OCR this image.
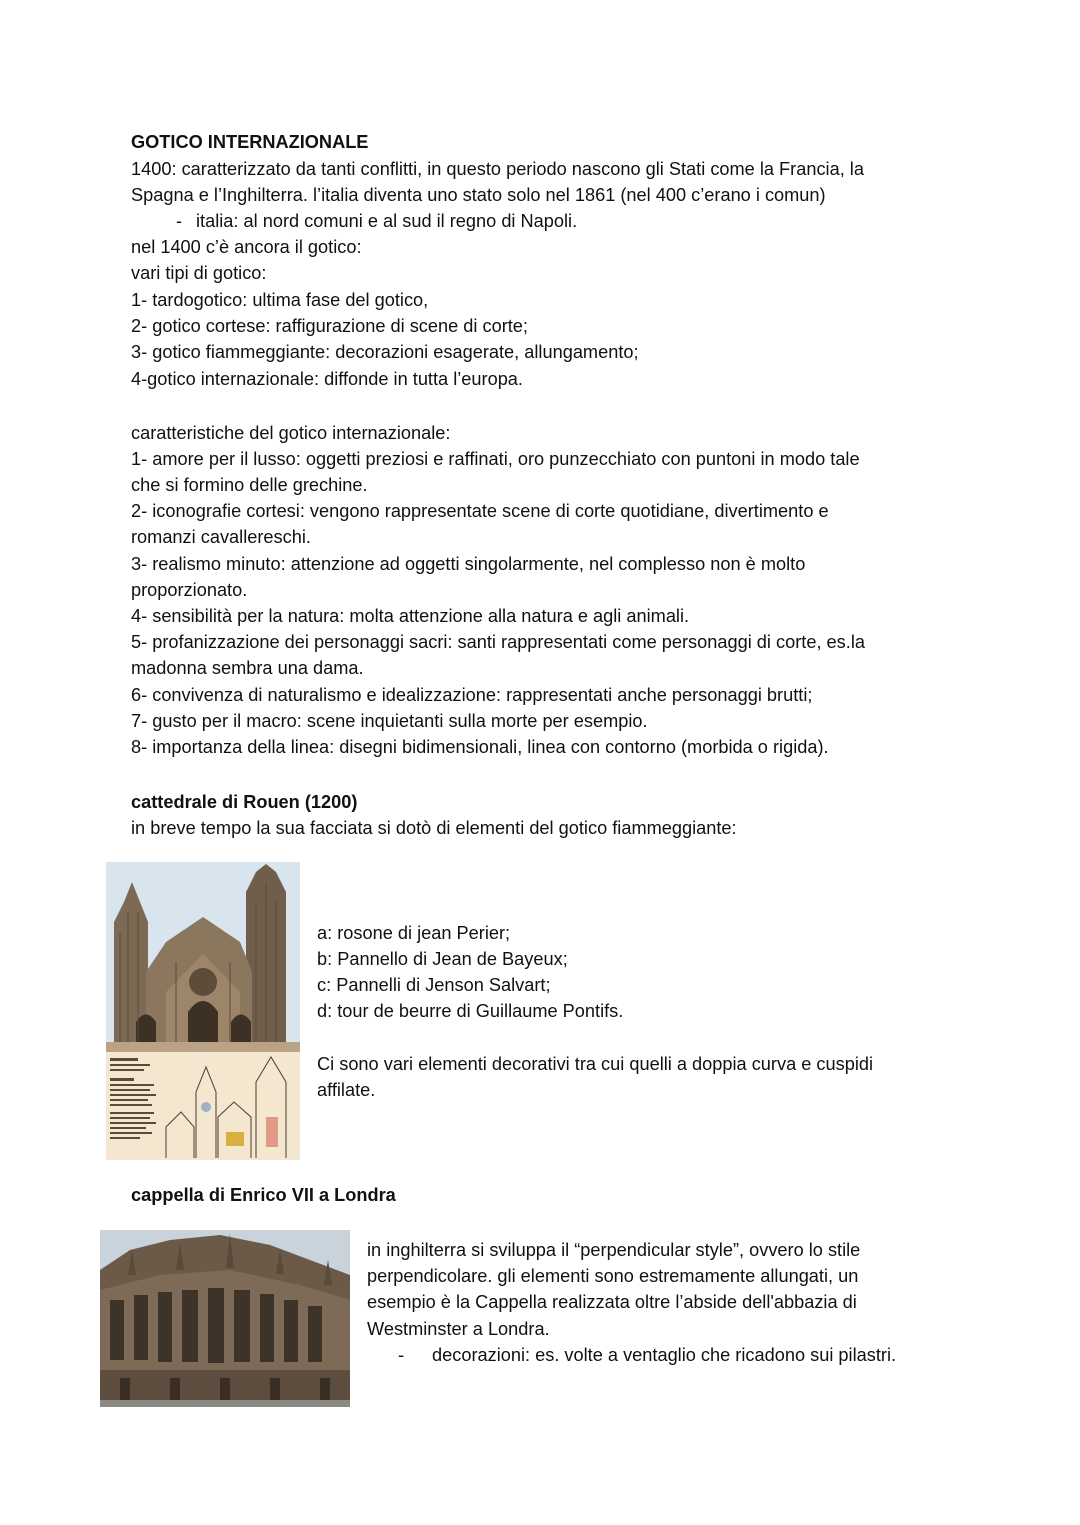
GOTICO INTERNAZIONALE
1400: caratterizzato da tanti conflitti, in questo periodo nascono gli Stati come la Francia, la
Spagna e l’Inghilterra. l’italia diventa uno stato solo nel 1861 (nel 400 c’erano i comun)
- italia: al nord comuni e al sud il regno di Napoli.
nel 1400 c’è ancora il gotico:
vari tipi di gotico:
1- tardogotico: ultima fase del gotico,
2- gotico cortese: raffigurazione di scene di corte;
3- gotico fiammeggiante: decorazioni esagerate, allungamento;
4-gotico internazionale: diffonde in tutta l’europa.
caratteristiche del gotico internazionale:
1- amore per il lusso: oggetti preziosi e raffinati, oro punzecchiato con puntoni in modo tale
che si formino delle grechine.
2- iconografie cortesi: vengono rappresentate scene di corte quotidiane, divertimento e
romanzi cavallereschi.
3- realismo minuto: attenzione ad oggetti singolarmente, nel complesso non è molto
proporzionato.
4- sensibilità per la natura: molta attenzione alla natura e agli animali.
5- profanizzazione dei personaggi sacri: santi rappresentati come personaggi di corte, es.la
madonna sembra una dama.
6- convivenza di naturalismo e idealizzazione: rappresentati anche personaggi brutti;
7- gusto per il macro: scene inquietanti sulla morte per esempio.
8- importanza della linea: disegni bidimensionali, linea con contorno (morbida o rigida).
cattedrale di Rouen (1200)
in breve tempo la sua facciata si dotò di elementi del gotico fiammeggiante:
a: rosone di jean Perier;
b: Pannello di Jean de Bayeux;
c: Pannelli di Jenson Salvart;
d: tour de beurre di Guillaume Pontifs.
Ci sono vari elementi decorativi tra cui quelli a doppia curva e cuspidi
affilate.
cappella di Enrico VII a Londra
in inghilterra si sviluppa il “perpendicular style”, ovvero lo stile
perpendicolare. gli elementi sono estremamente allungati, un
esempio è la Cappella realizzata oltre l’abside dell'abbazia di
Westminster a Londra.
- decorazioni: es. volte a ventaglio che ricadono sui pilastri.
